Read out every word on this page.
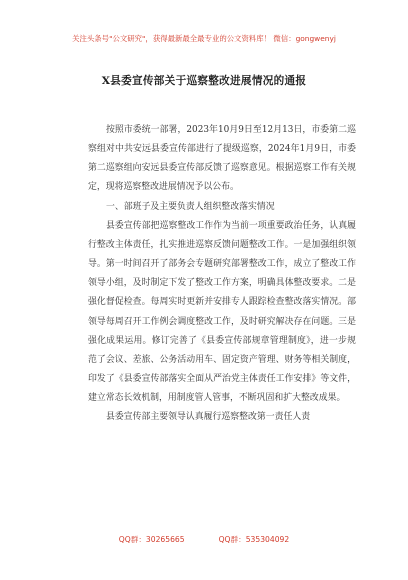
关注头条号"公文研究"，获得最新最全最专业的公文资料库！ 微信：gongwenyj
X县委宣传部关于巡察整改进展情况的通报

按照市委统一部署，2023年10月9日至12月13日，市委第二巡察组对中共安远县委宣传部进行了提级巡察，2024年1月9日，市委第二巡察组向安远县委宣传部反馈了巡察意见。根据巡察工作有关规定，现将巡察整改进展情况予以公布。

一、部班子及主要负责人组织整改落实情况

县委宣传部把巡察整改工作作为当前一项重要政治任务，认真履行整改主体责任，扎实推进巡察反馈问题整改工作。一是加强组织领导。第一时间召开了部务会专题研究部署整改工作，成立了整改工作领导小组，及时制定下发了整改工作方案，明确具体整改要求。二是强化督促检查。每周实时更新并安排专人跟踪检查整改落实情况。部领导每周召开工作例会调度整改工作，及时研究解决存在问题。三是强化成果运用。修订完善了《县委宣传部规章管理制度》，进一步规范了会议、差旅、公务活动用车、固定资产管理、财务等相关制度，印发了《县委宣传部落实全面从严治党主体责任工作安排》等文件，建立常态长效机制，用制度管人管事，不断巩固和扩大整改成果。

县委宣传部主要领导认真履行巡察整改第一责任人责

QQ群：30265665	QQ群：535304092
